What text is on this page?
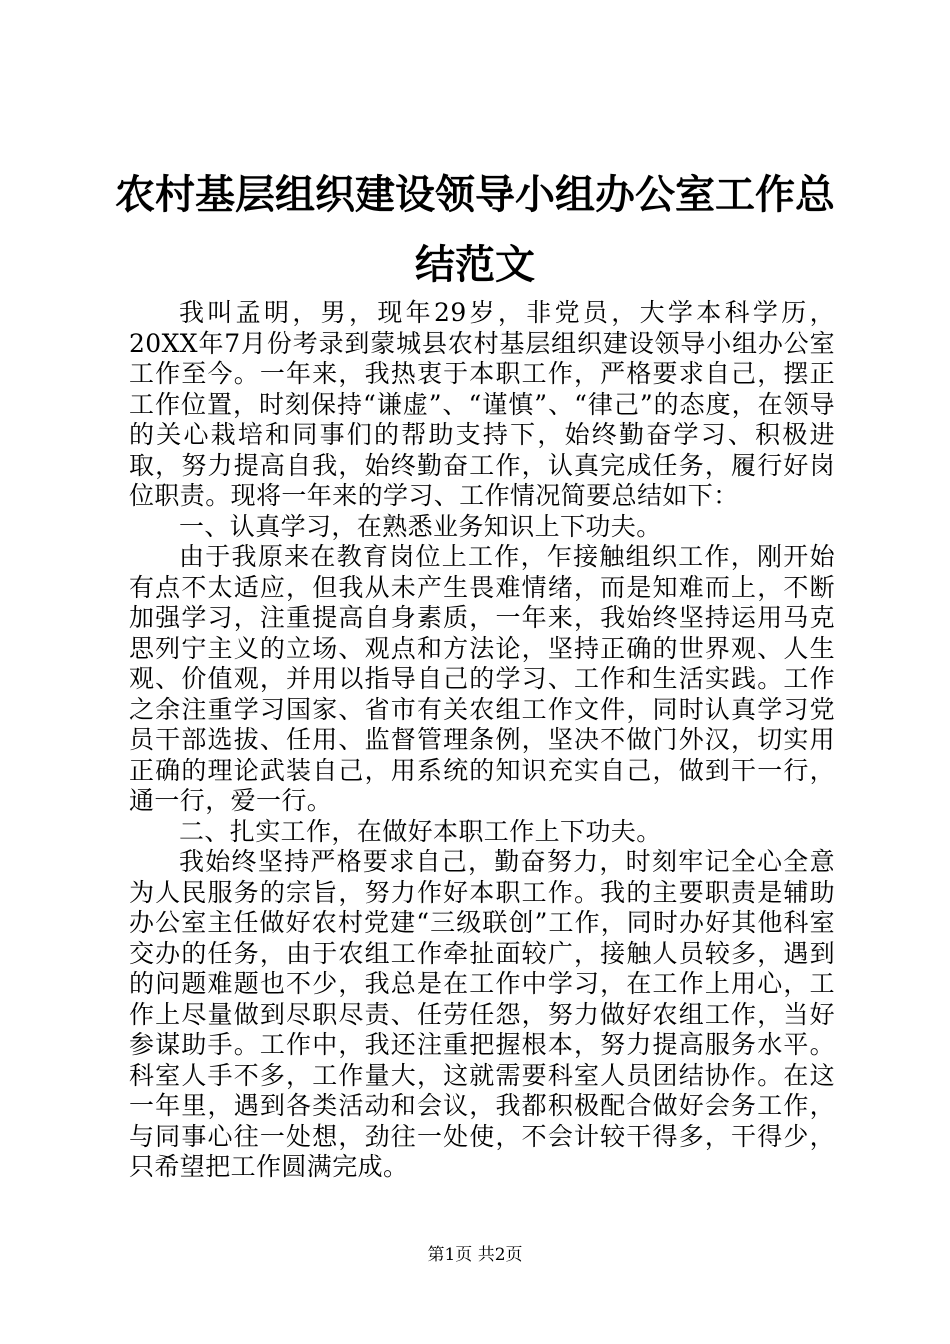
农村基层组织建设领导小组办公室工作总结范文

我叫孟明，男，现年29岁，非党员，大学本科学历，20XX年7月份考录到蒙城县农村基层组织建设领导小组办公室工作至今。一年来，我热衷于本职工作，严格要求自己，摆正工作位置，时刻保持“谦虚”、“谨慎”、“律己”的态度，在领导的关心栽培和同事们的帮助支持下，始终勤奋学习、积极进取，努力提高自我，始终勤奋工作，认真完成任务，履行好岗位职责。现将一年来的学习、工作情况简要总结如下：

一、认真学习，在熟悉业务知识上下功夫。

由于我原来在教育岗位上工作，乍接触组织工作，刚开始有点不太适应，但我从未产生畏难情绪，而是知难而上，不断加强学习，注重提高自身素质，一年来，我始终坚持运用马克思列宁主义的立场、观点和方法论，坚持正确的世界观、人生观、价值观，并用以指导自己的学习、工作和生活实践。工作之余注重学习国家、省市有关农组工作文件，同时认真学习党员干部选拔、任用、监督管理条例，坚决不做门外汉，切实用正确的理论武装自己，用系统的知识充实自己，做到干一行，通一行，爱一行。

二、扎实工作，在做好本职工作上下功夫。

我始终坚持严格要求自己，勤奋努力，时刻牢记全心全意为人民服务的宗旨，努力作好本职工作。我的主要职责是辅助办公室主任做好农村党建“三级联创”工作，同时办好其他科室交办的任务，由于农组工作牵扯面较广，接触人员较多，遇到的问题难题也不少，我总是在工作中学习，在工作上用心，工作上尽量做到尽职尽责、任劳任怨，努力做好农组工作，当好参谋助手。工作中，我还注重把握根本，努力提高服务水平。科室人手不多，工作量大，这就需要科室人员团结协作。在这一年里，遇到各类活动和会议，我都积极配合做好会务工作，与同事心往一处想，劲往一处使，不会计较干得多，干得少，只希望把工作圆满完成。

第1页 共2页
